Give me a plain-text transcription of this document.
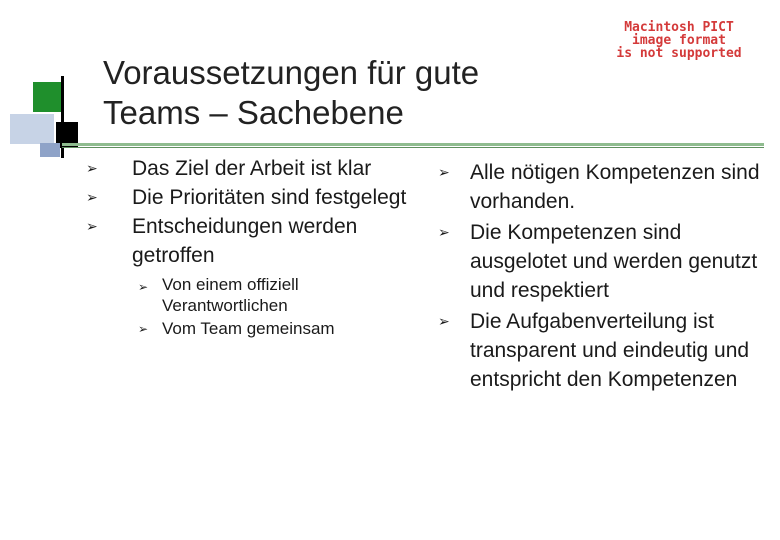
Voraussetzungen für gute
Teams – Sachebene
Macintosh PICT
image format
is not supported
➢ Das Ziel der Arbeit ist klar
➢ Die Prioritäten sind festgelegt
➢ Entscheidungen werden getroffen
➢ Von einem offiziell Verantwortlichen
➢ Vom Team gemeinsam
➢ Alle nötigen Kompetenzen sind vorhanden.
➢ Die Kompetenzen sind ausgelotet und werden genutzt und respektiert
➢ Die Aufgabenverteilung ist transparent und eindeutig und entspricht den Kompetenzen
